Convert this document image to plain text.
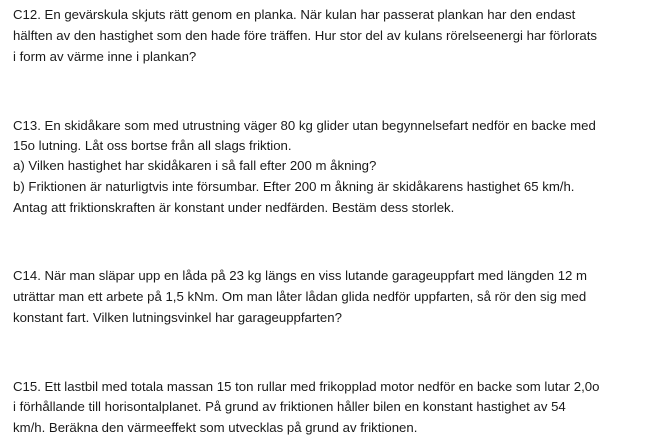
C12. En gevärskula skjuts rätt genom en planka. När kulan har passerat plankan har den endast
hälften av den hastighet som den hade före träffen. Hur stor del av kulans rörelseenergi har förlorats
i form av värme inne i plankan?
C13. En skidåkare som med utrustning väger 80 kg glider utan begynnelsefart nedför en backe med
15o lutning. Låt oss bortse från all slags friktion.
a) Vilken hastighet har skidåkaren i så fall efter 200 m åkning?
b) Friktionen är naturligtvis inte försumbar. Efter 200 m åkning är skidåkarens hastighet 65 km/h.
Antag att friktionskraften är konstant under nedfärden. Bestäm dess storlek.
C14. När man släpar upp en låda på 23 kg längs en viss lutande garageuppfart med längden 12 m
uträttar man ett arbete på 1,5 kNm. Om man låter lådan glida nedför uppfarten, så rör den sig med
konstant fart. Vilken lutningsvinkel har garageuppfarten?
C15. Ett lastbil med totala massan 15 ton rullar med frikopplad motor nedför en backe som lutar 2,0o
i förhållande till horisontalplanet. På grund av friktionen håller bilen en konstant hastighet av 54
km/h. Beräkna den värmeeffekt som utvecklas på grund av friktionen.
